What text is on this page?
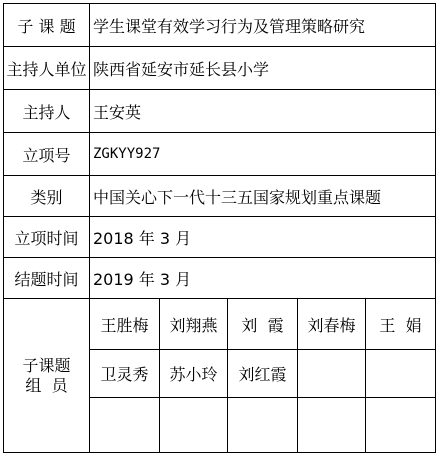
子 课 题	学生课堂有效学习行为及管理策略研究
主持人单位 陕西省延安市延长县小学
主持人	王安英
立项号	ZGKYY927
类别	中国关心下一代十三五国家规划重点课题
立项时间 2018 年 3 月
结题时间 2019 年 3 月
子课题
组  员
王胜梅	刘翔燕	刘  霞	刘春梅	王  娟
卫灵秀	苏小玲	刘红霞
